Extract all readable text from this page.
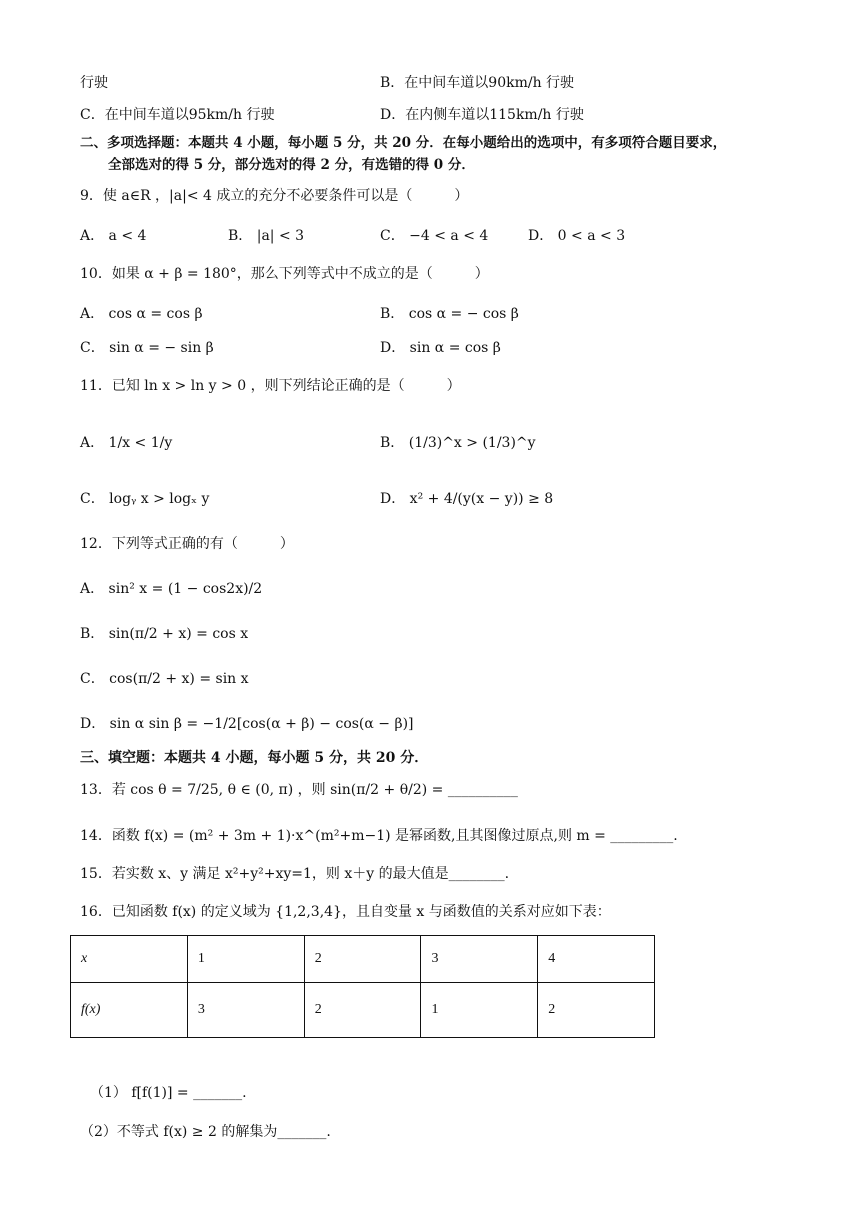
行驶	B．在中间车道以90km/h 行驶
C．在中间车道以95km/h 行驶	D．在内侧车道以115km/h 行驶
二、多项选择题：本题共 4 小题，每小题 5 分，共 20 分．在每小题给出的选项中，有多项符合题目要求，
全部选对的得 5 分，部分选对的得 2 分，有选错的得 0 分．
9．使 a∈R ，|a|< 4 成立的充分不必要条件可以是（　　　）
A． a < 4	B． |a| < 3	C． −4 < a < 4	D． 0 < a < 3
10．如果 α + β = 180°，那么下列等式中不成立的是（　　　）
A． cos α = cos β	B． cos α = − cos β
C． sin α = − sin β	D． sin α = cos β
11．已知 ln x > ln y > 0 ，则下列结论正确的是（　　　）
A． 1/x < 1/y	B． (1/3)^x > (1/3)^y
C． logᵧ x > logₓ y	D． x² + 4/(y(x − y)) ≥ 8
12．下列等式正确的有（　　　）
A． sin² x = (1 − cos2x)/2
B． sin(π/2 + x) = cos x
C． cos(π/2 + x) = sin x
D． sin α sin β = −1/2[cos(α + β) − cos(α − β)]
三、填空题：本题共 4 小题，每小题 5 分，共 20 分．
13．若 cos θ = 7/25, θ ∈ (0, π) ，则 sin(π/2 + θ/2) = __________
14．函数 f(x) = (m² + 3m + 1)·x^(m²+m−1) 是幂函数,且其图像过原点,则 m = _________.
15．若实数 x、y 满足 x²+y²+xy=1，则 x＋y 的最大值是________.
16．已知函数 f(x) 的定义域为 {1,2,3,4}，且自变量 x 与函数值的关系对应如下表：
x	1	2	3	4
f(x)	3	2	1	2
（1） f[f(1)] = _______.
（2）不等式 f(x) ≥ 2 的解集为_______.
